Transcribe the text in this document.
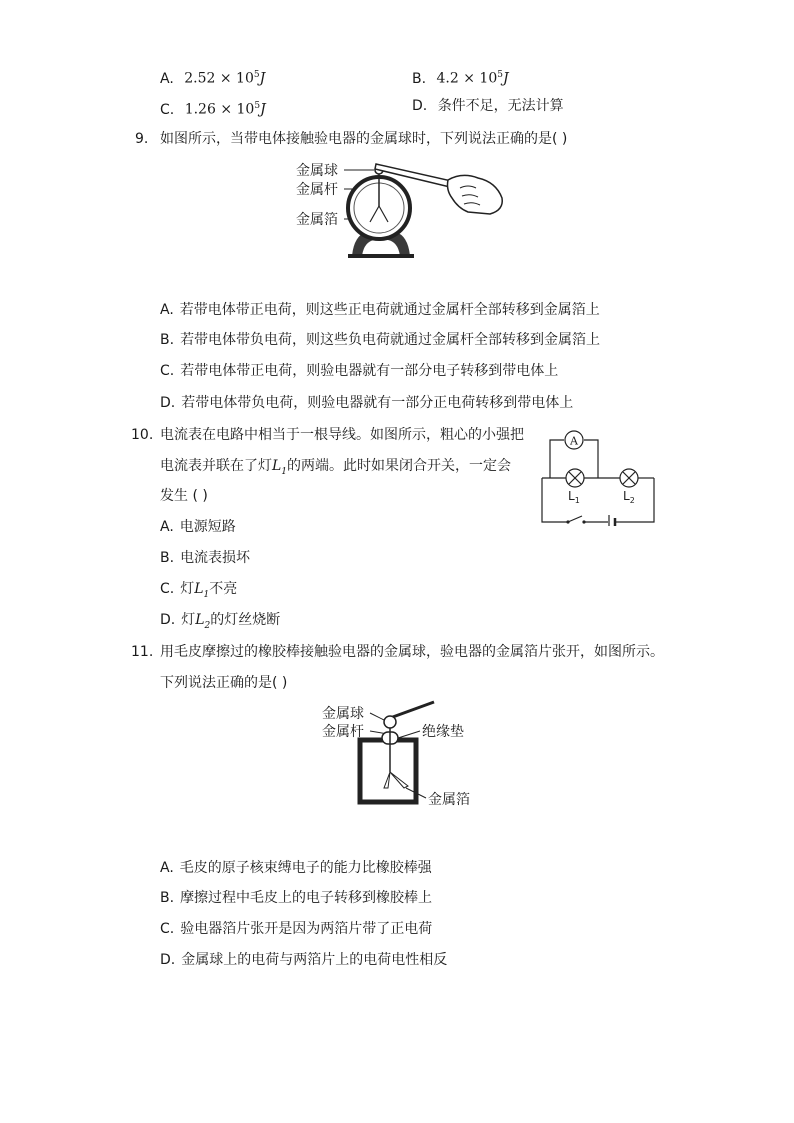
A. $2.52 \times 10^5J$	B. $4.2 \times 10^5J$
C. $1.26 \times 10^5J$	D. 条件不足，无法计算
9. 如图所示，当带电体接触验电器的金属球时，下列说法正确的是( )
金属球
金属杆
金属箔
A. 若带电体带正电荷，则这些正电荷就通过金属杆全部转移到金属箔上
B. 若带电体带负电荷，则这些负电荷就通过金属杆全部转移到金属箔上
C. 若带电体带正电荷，则验电器就有一部分电子转移到带电体上
D. 若带电体带负电荷，则验电器就有一部分正电荷转移到带电体上
10. 电流表在电路中相当于一根导线。如图所示，粗心的小强把
电流表并联在了灯$L_1$的两端。此时如果闭合开关，一定会
发生 ( )
A
$L_1$	$L_2$
A. 电源短路
B. 电流表损坏
C. 灯$L_1$不亮
D. 灯$L_2$的灯丝烧断
11. 用毛皮摩擦过的橡胶棒接触验电器的金属球，验电器的金属箔片张开，如图所示。
下列说法正确的是( )
金属球
金属杆	绝缘垫
金属箔
A. 毛皮的原子核束缚电子的能力比橡胶棒强
B. 摩擦过程中毛皮上的电子转移到橡胶棒上
C. 验电器箔片张开是因为两箔片带了正电荷
D. 金属球上的电荷与两箔片上的电荷电性相反
